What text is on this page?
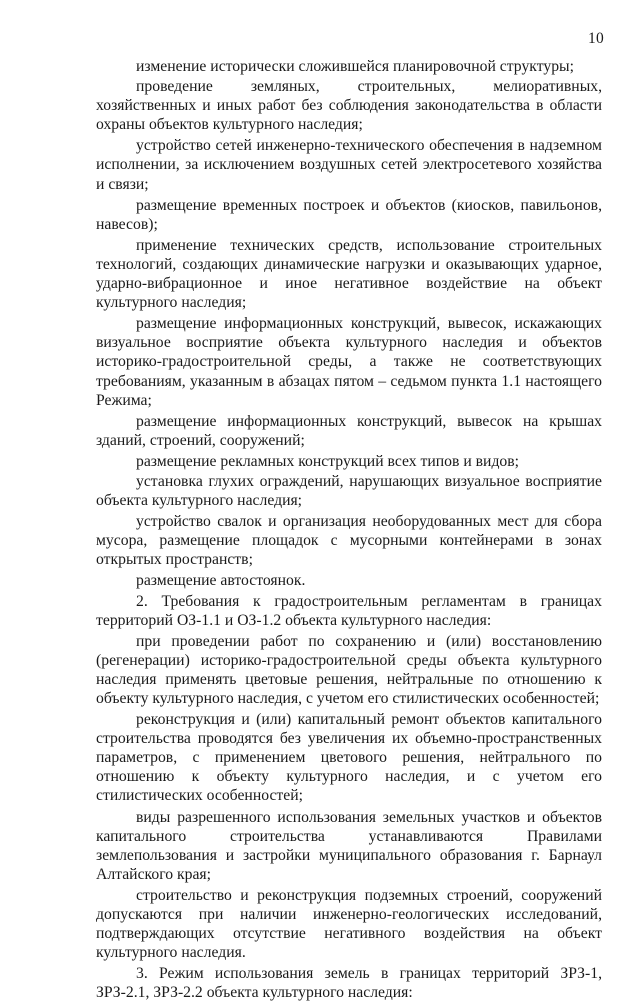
10

изменение исторически сложившейся планировочной структуры;

проведение земляных, строительных, мелиоративных, хозяйственных и иных работ без соблюдения законодательства в области охраны объектов культурного наследия;

устройство сетей инженерно-технического обеспечения в надземном исполнении, за исключением воздушных сетей электросетевого хозяйства и связи;

размещение временных построек и объектов (киосков, павильонов, навесов);

применение технических средств, использование строительных технологий, создающих динамические нагрузки и оказывающих ударное, ударно-вибрационное и иное негативное воздействие на объект культурного наследия;

размещение информационных конструкций, вывесок, искажающих визуальное восприятие объекта культурного наследия и объектов историко-градостроительной среды, а также не соответствующих требованиям, указанным в абзацах пятом – седьмом пункта 1.1 настоящего Режима;

размещение информационных конструкций, вывесок на крышах зданий, строений, сооружений;

размещение рекламных конструкций всех типов и видов;

установка глухих ограждений, нарушающих визуальное восприятие объекта культурного наследия;

устройство свалок и организация необорудованных мест для сбора мусора, размещение площадок с мусорными контейнерами в зонах открытых пространств;

размещение автостоянок.

2. Требования к градостроительным регламентам в границах территорий ОЗ-1.1 и ОЗ-1.2 объекта культурного наследия:

при проведении работ по сохранению и (или) восстановлению (регенерации) историко-градостроительной среды объекта культурного наследия применять цветовые решения, нейтральные по отношению к объекту культурного наследия, с учетом его стилистических особенностей;

реконструкция и (или) капитальный ремонт объектов капитального строительства проводятся без увеличения их объемно-пространственных параметров, с применением цветового решения, нейтрального по отношению к объекту культурного наследия, и с учетом его стилистических особенностей;

виды разрешенного использования земельных участков и объектов капитального строительства устанавливаются Правилами землепользования и застройки муниципального образования г. Барнаул Алтайского края;

строительство и реконструкция подземных строений, сооружений допускаются при наличии инженерно-геологических исследований, подтверждающих отсутствие негативного воздействия на объект культурного наследия.

3. Режим использования земель в границах территорий ЗРЗ-1, ЗРЗ-2.1, ЗРЗ-2.2 объекта культурного наследия:
